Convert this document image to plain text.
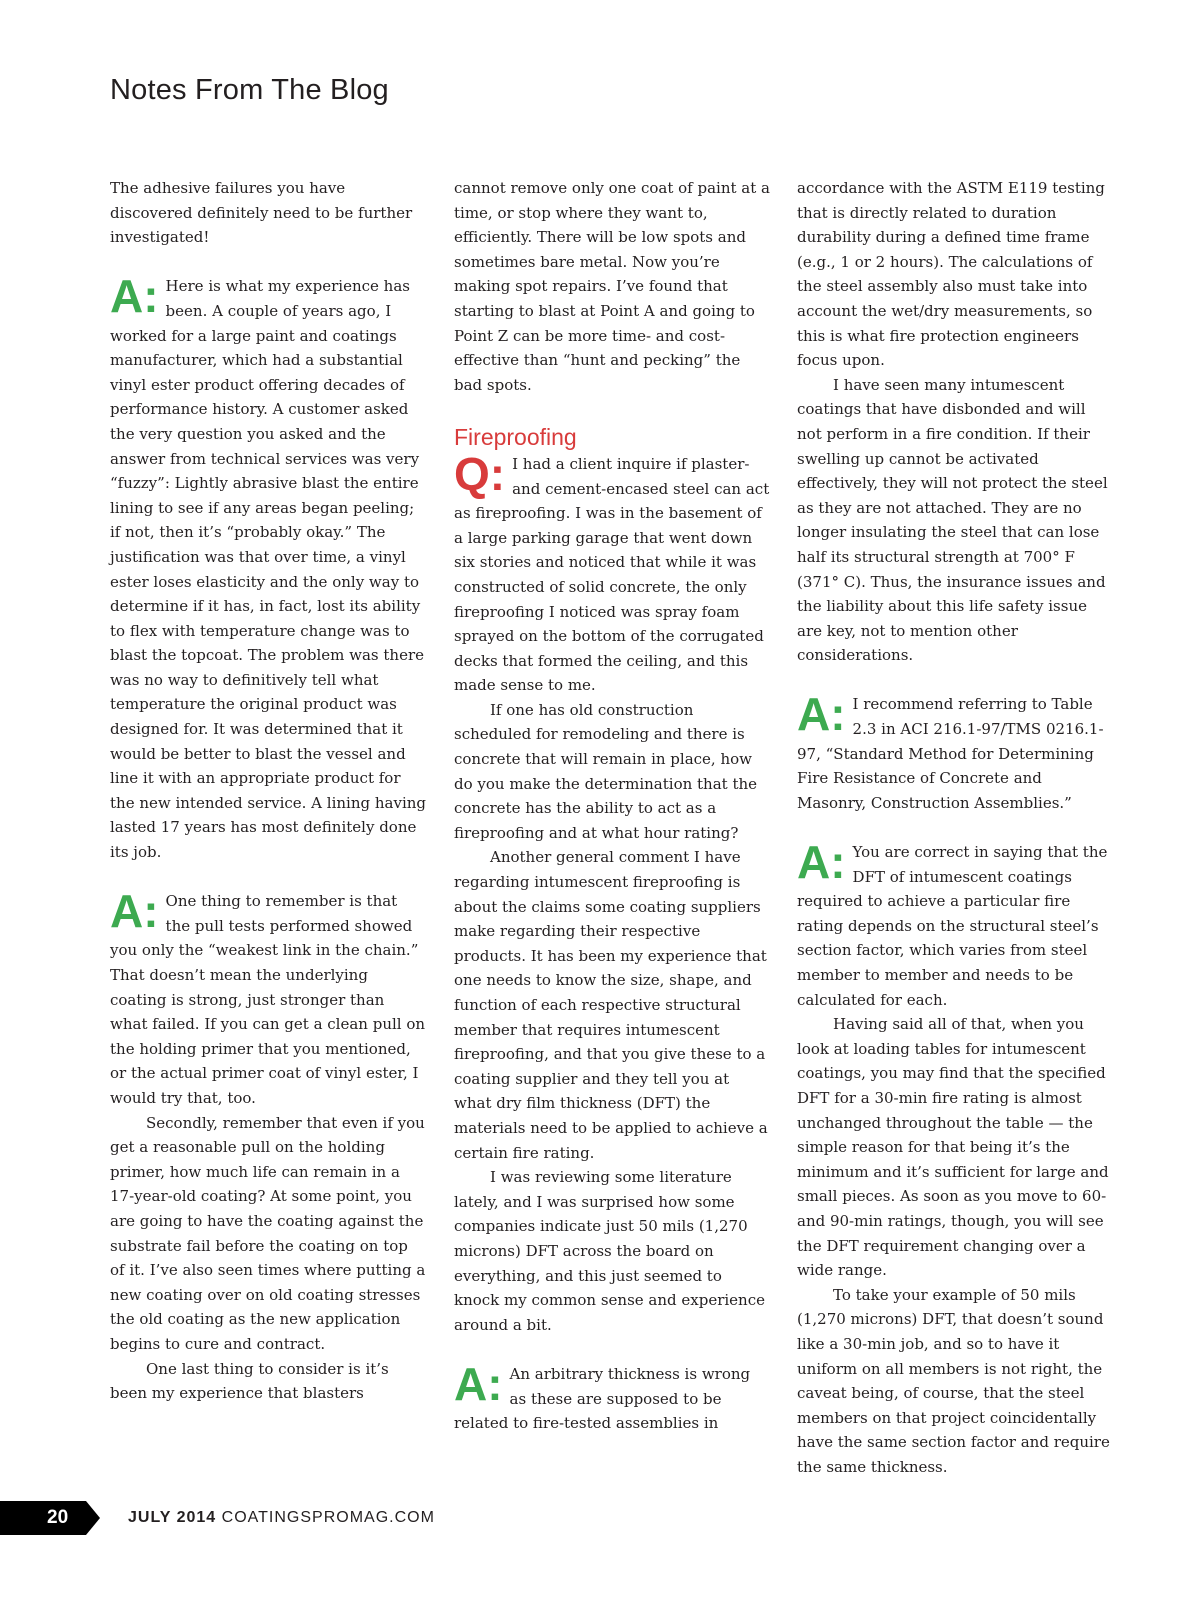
Notes From The Blog

The adhesive failures you have discovered definitely need to be further investigated!

A: Here is what my experience has been. A couple of years ago, I worked for a large paint and coatings manufacturer, which had a substantial vinyl ester product offering decades of performance history. A customer asked the very question you asked and the answer from technical services was very “fuzzy”: Lightly abrasive blast the entire lining to see if any areas began peeling; if not, then it’s “probably okay.” The justification was that over time, a vinyl ester loses elasticity and the only way to determine if it has, in fact, lost its ability to flex with temperature change was to blast the topcoat. The problem was there was no way to definitively tell what temperature the original product was designed for. It was determined that it would be better to blast the vessel and line it with an appropriate product for the new intended service. A lining having lasted 17 years has most definitely done its job.
A: One thing to remember is that the pull tests performed showed you only the “weakest link in the chain.” That doesn’t mean the underlying coating is strong, just stronger than what failed. If you can get a clean pull on the holding primer that you mentioned, or the actual primer coat of vinyl ester, I would try that, too.

Secondly, remember that even if you get a reasonable pull on the holding primer, how much life can remain in a 17-year-old coating? At some point, you are going to have the coating against the substrate fail before the coating on top of it. I’ve also seen times where putting a new coating over on old coating stresses the old coating as the new application begins to cure and contract.

One last thing to consider is it’s been my experience that blasters

cannot remove only one coat of paint at a time, or stop where they want to, efficiently. There will be low spots and sometimes bare metal. Now you’re making spot repairs. I’ve found that starting to blast at Point A and going to Point Z can be more time- and cost-effective than “hunt and pecking” the bad spots.

Fireproofing
Q: I had a client inquire if plaster- and cement-encased steel can act as fireproofing. I was in the basement of a large parking garage that went down six stories and noticed that while it was constructed of solid concrete, the only fireproofing I noticed was spray foam sprayed on the bottom of the corrugated decks that formed the ceiling, and this made sense to me.

If one has old construction scheduled for remodeling and there is concrete that will remain in place, how do you make the determination that the concrete has the ability to act as a fireproofing and at what hour rating?

Another general comment I have regarding intumescent fireproofing is about the claims some coating suppliers make regarding their respective products. It has been my experience that one needs to know the size, shape, and function of each respective structural member that requires intumescent fireproofing, and that you give these to a coating supplier and they tell you at what dry film thickness (DFT) the materials need to be applied to achieve a certain fire rating.

I was reviewing some literature lately, and I was surprised how some companies indicate just 50 mils (1,270 microns) DFT across the board on everything, and this just seemed to knock my common sense and experience around a bit.

A: An arbitrary thickness is wrong as these are supposed to be related to fire-tested assemblies in

accordance with the ASTM E119 testing that is directly related to duration durability during a defined time frame (e.g., 1 or 2 hours). The calculations of the steel assembly also must take into account the wet/dry measurements, so this is what fire protection engineers focus upon.

I have seen many intumescent coatings that have disbonded and will not perform in a fire condition. If their swelling up cannot be activated effectively, they will not protect the steel as they are not attached. They are no longer insulating the steel that can lose half its structural strength at 700° F (371° C). Thus, the insurance issues and the liability about this life safety issue are key, not to mention other considerations.

A: I recommend referring to Table 2.3 in ACI 216.1-97/TMS 0216.1-97, “Standard Method for Determining Fire Resistance of Concrete and Masonry, Construction Assemblies.”
A: You are correct in saying that the DFT of intumescent coatings required to achieve a particular fire rating depends on the structural steel’s section factor, which varies from steel member to member and needs to be calculated for each.

Having said all of that, when you look at loading tables for intumescent coatings, you may find that the specified DFT for a 30-min fire rating is almost unchanged throughout the table — the simple reason for that being it’s the minimum and it’s sufficient for large and small pieces. As soon as you move to 60- and 90-min ratings, though, you will see the DFT requirement changing over a wide range.

To take your example of 50 mils (1,270 microns) DFT, that doesn’t sound like a 30-min job, and so to have it uniform on all members is not right, the caveat being, of course, that the steel members on that project coincidentally have the same section factor and require the same thickness.

20	JULY 2014 COATINGSPROMAG.COM
